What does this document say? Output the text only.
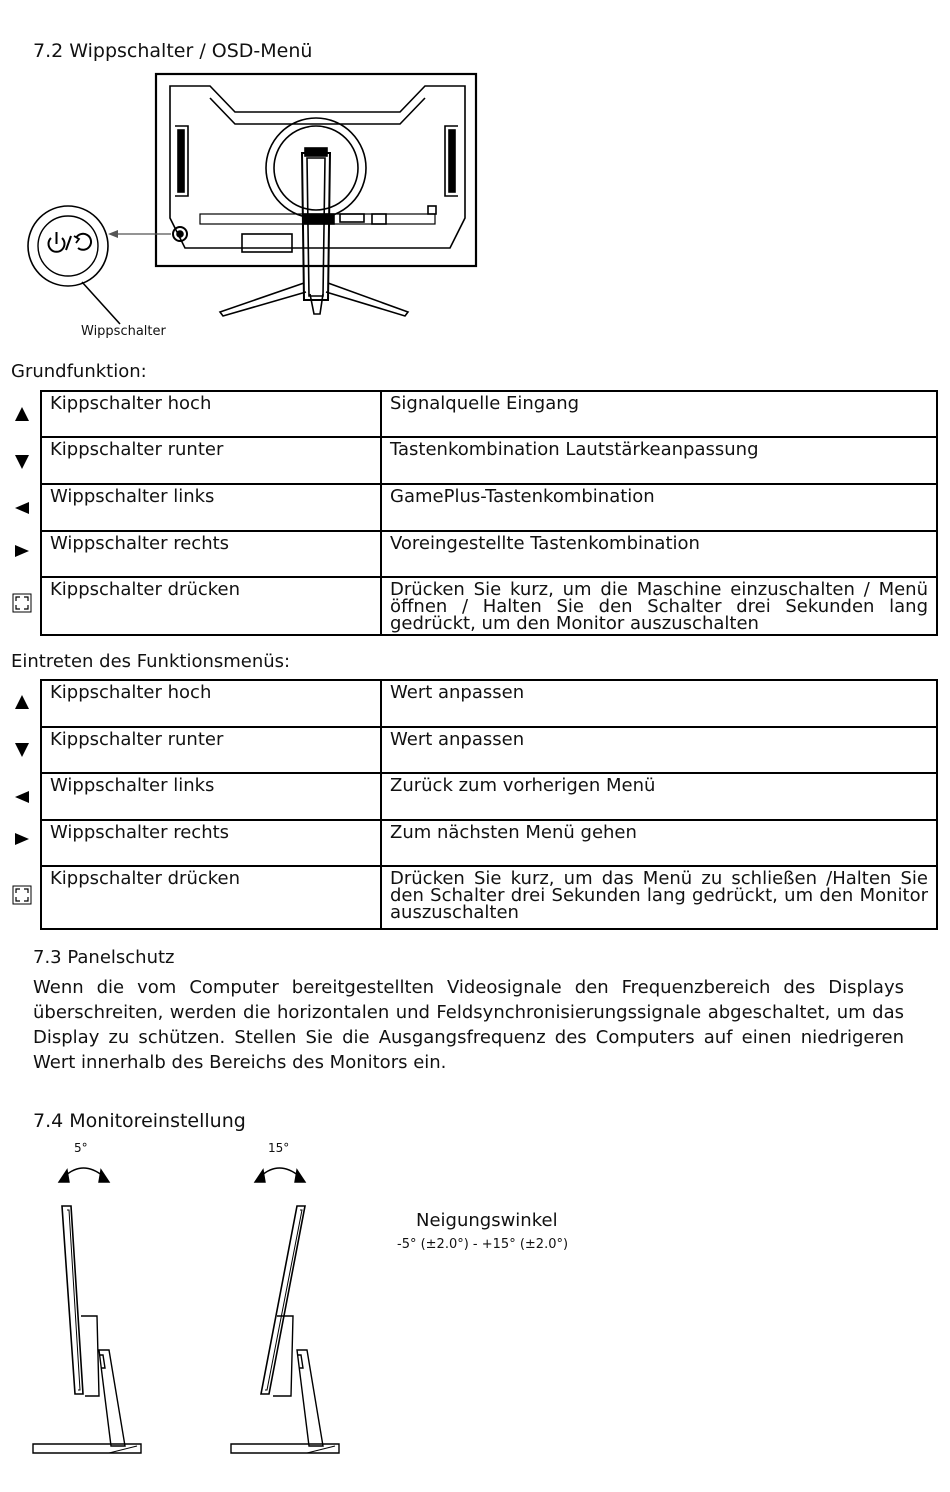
7.2 Wippschalter / OSD-Menü
Wippschalter
Grundfunktion:
Kippschalter hoch	Signalquelle Eingang
Kippschalter runter	Tastenkombination Lautstärkeanpassung
Wippschalter links	GamePlus-Tastenkombination
Wippschalter rechts	Voreingestellte Tastenkombination
Kippschalter drücken	Drücken Sie kurz, um die Maschine einzuschalten / Menü öffnen / Halten Sie den Schalter drei Sekunden lang gedrückt, um den Monitor auszuschalten
Eintreten des Funktionsmenüs:
Kippschalter hoch	Wert anpassen
Kippschalter runter	Wert anpassen
Wippschalter links	Zurück zum vorherigen Menü
Wippschalter rechts	Zum nächsten Menü gehen
Kippschalter drücken	Drücken Sie kurz, um das Menü zu schließen /Halten Sie den Schalter drei Sekunden lang gedrückt, um den Monitor auszuschalten
7.3 Panelschutz
Wenn die vom Computer bereitgestellten Videosignale den Frequenzbereich des Displays überschreiten, werden die horizontalen und Feldsynchronisierungssignale abgeschaltet, um das Display zu schützen. Stellen Sie die Ausgangsfrequenz des Computers auf einen niedrigeren Wert innerhalb des Bereichs des Monitors ein.
7.4 Monitoreinstellung
5°	15°
Neigungswinkel
-5° (±2.0°) - +15° (±2.0°)
